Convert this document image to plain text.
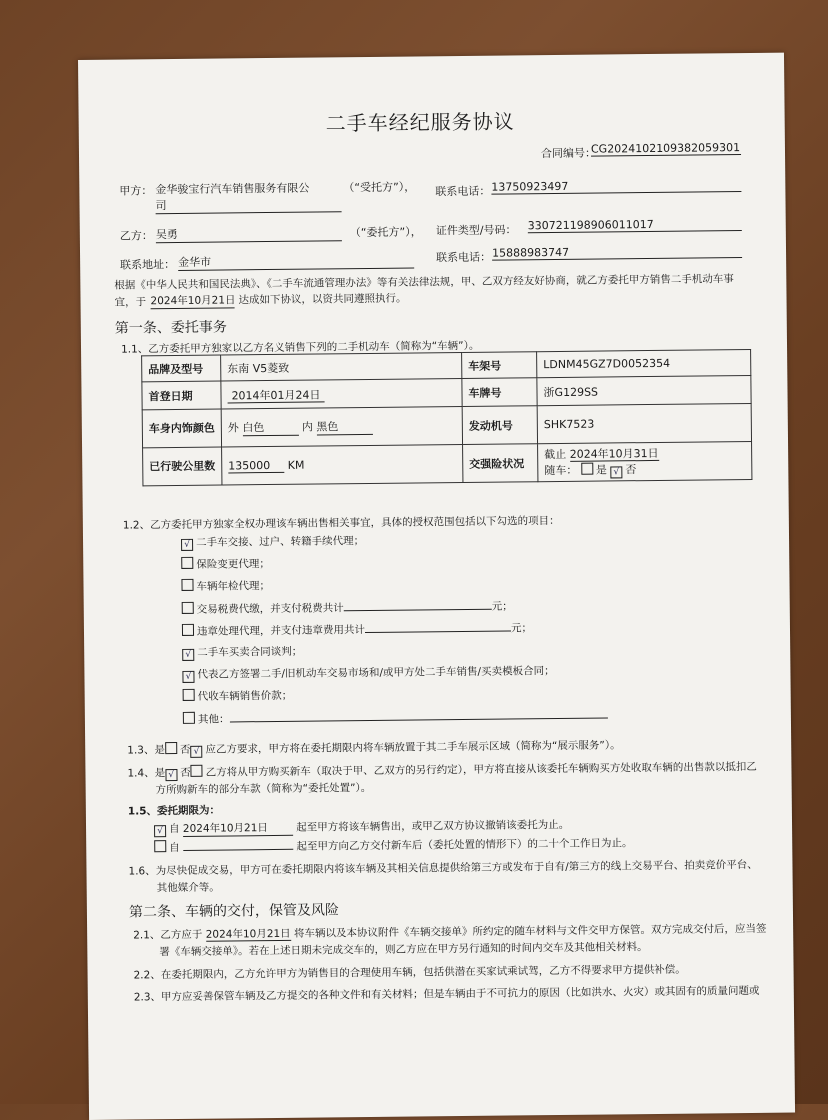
二手车经纪服务协议
合同编号：
CG2024102109382059301
甲方： 金华骏宝行汽车销售服务有限公
司
（“受托方”）， 联系电话： 13750923497
乙方： 吴勇	（“委托方”）， 证件类型/号码： 330721198906011017
联系地址： 金华市	联系电话： 15888983747
根据《中华人民共和国民法典》、《二手车流通管理办法》等有关法律法规，甲、乙双方经友好协商，就乙方委托甲方销售二手机动车事
宜，于 2024年10月21日 达成如下协议，以资共同遵照执行。
第一条、委托事务
1.1、乙方委托甲方独家以乙方名义销售下列的二手机动车（简称为“车辆”）。
品牌及型号	东南 V5菱致	车架号	LDNM45GZ7D0052354
首登日期	2014年01月24日	车牌号	浙G129SS
车身内饰颜色	外 白色 内 黑色	发动机号	SHK7523
已行驶公里数	135000 KM	交强险状况	截止 2024年10月31日
随车： 是 √ 否
1.2、乙方委托甲方独家全权办理该车辆出售相关事宜，具体的授权范围包括以下勾选的项目：
√ 二手车交接、过户、转籍手续代理；
保险变更代理；
车辆年检代理；
交易税费代缴，并支付税费共计	元；
违章处理代理，并支付违章费用共计	元；
√ 二手车买卖合同谈判；
√ 代表乙方签署二手/旧机动车交易市场和/或甲方处二手车销售/买卖模板合同；
代收车辆销售价款；
其他：
1.3、是 否 √ 应乙方要求，甲方将在委托期限内将车辆放置于其二手车展示区域（简称为“展示服务”）。
1.4、是 √ 否 乙方将从甲方购买新车（取决于甲、乙双方的另行约定），甲方将直接从该委托车辆购买方处收取车辆的出售款以抵扣乙
方所购新车的部分车款（简称为“委托处置”）。
1.5、委托期限为：
√ 自 2024年10月21日	起至甲方将该车辆售出，或甲乙双方协议撤销该委托为止。
自	起至甲方向乙方交付新车后（委托处置的情形下）的二十个工作日为止。
1.6、为尽快促成交易，甲方可在委托期限内将该车辆及其相关信息提供给第三方或发布于自有/第三方的线上交易平台、拍卖竞价平台、
其他媒介等。
第二条、车辆的交付，保管及风险
2.1、乙方应于 2024年10月21日 将车辆以及本协议附件《车辆交接单》所约定的随车材料与文件交甲方保管。双方完成交付后，应当签
署《车辆交接单》。若在上述日期未完成交车的，则乙方应在甲方另行通知的时间内交车及其他相关材料。
2.2、在委托期限内，乙方允许甲方为销售目的合理使用车辆，包括供潜在买家试乘试驾，乙方不得要求甲方提供补偿。
2.3、甲方应妥善保管车辆及乙方提交的各种文件和有关材料；但是车辆由于不可抗力的原因（比如洪水、火灾）或其固有的质量问题或
